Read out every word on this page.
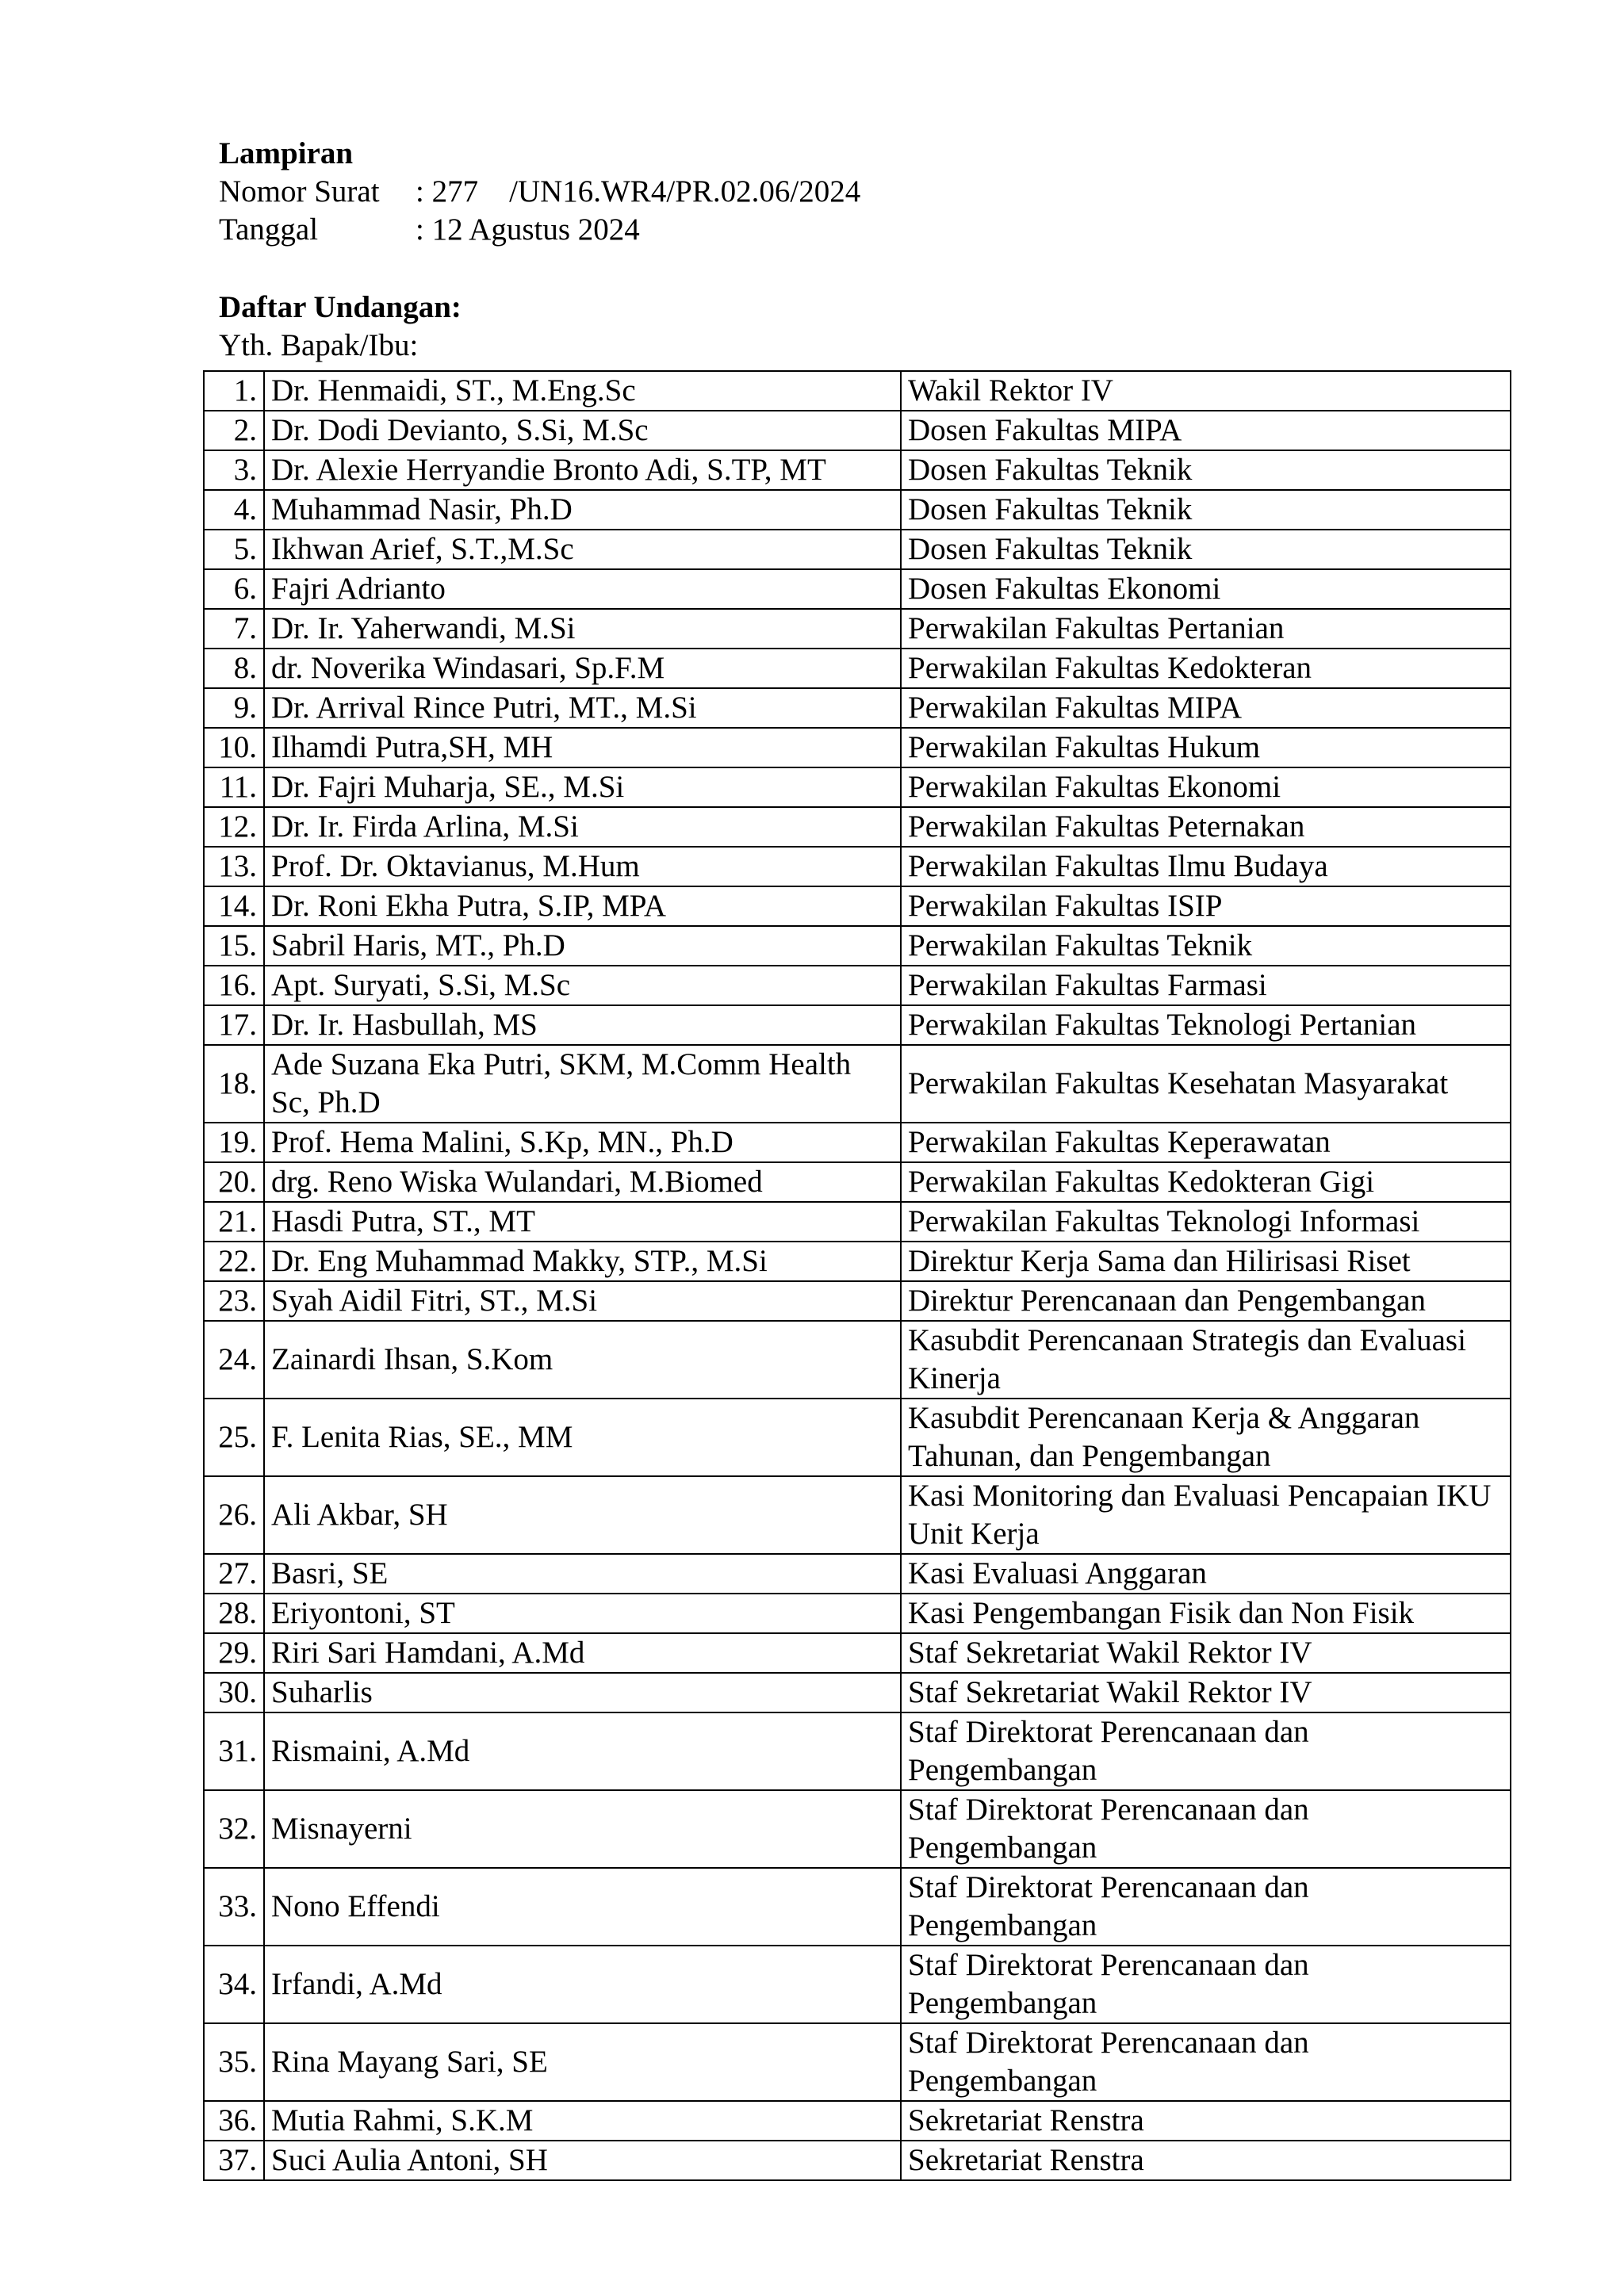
Lampiran
Nomor Surat	: 277    /UN16.WR4/PR.02.06/2024
Tanggal	: 12 Agustus 2024
Daftar Undangan:
Yth. Bapak/Ibu:
1.	Dr. Henmaidi, ST., M.Eng.Sc	Wakil Rektor IV
2.	Dr. Dodi Devianto, S.Si, M.Sc	Dosen Fakultas MIPA
3.	Dr. Alexie Herryandie Bronto Adi, S.TP, MT	Dosen Fakultas Teknik
4.	Muhammad Nasir, Ph.D	Dosen Fakultas Teknik
5.	Ikhwan Arief, S.T.,M.Sc	Dosen Fakultas Teknik
6.	Fajri Adrianto	Dosen Fakultas Ekonomi
7.	Dr. Ir. Yaherwandi, M.Si	Perwakilan Fakultas Pertanian
8.	dr. Noverika Windasari, Sp.F.M	Perwakilan Fakultas Kedokteran
9.	Dr. Arrival Rince Putri, MT., M.Si	Perwakilan Fakultas MIPA
10.	Ilhamdi Putra,SH, MH	Perwakilan Fakultas Hukum
11.	Dr. Fajri Muharja, SE., M.Si	Perwakilan Fakultas Ekonomi
12.	Dr. Ir. Firda Arlina, M.Si	Perwakilan Fakultas Peternakan
13.	Prof. Dr. Oktavianus, M.Hum	Perwakilan Fakultas Ilmu Budaya
14.	Dr. Roni Ekha Putra, S.IP, MPA	Perwakilan Fakultas ISIP
15.	Sabril Haris, MT., Ph.D	Perwakilan Fakultas Teknik
16.	Apt. Suryati, S.Si, M.Sc	Perwakilan Fakultas Farmasi
17.	Dr. Ir. Hasbullah, MS	Perwakilan Fakultas Teknologi Pertanian
18.	Ade Suzana Eka Putri, SKM, M.Comm Health Sc, Ph.D	Perwakilan Fakultas Kesehatan Masyarakat
19.	Prof. Hema Malini, S.Kp, MN., Ph.D	Perwakilan Fakultas Keperawatan
20.	drg. Reno Wiska Wulandari, M.Biomed	Perwakilan Fakultas Kedokteran Gigi
21.	Hasdi Putra, ST., MT	Perwakilan Fakultas Teknologi Informasi
22.	Dr. Eng Muhammad Makky, STP., M.Si	Direktur Kerja Sama dan Hilirisasi Riset
23.	Syah Aidil Fitri, ST., M.Si	Direktur Perencanaan dan Pengembangan
24.	Zainardi Ihsan, S.Kom	Kasubdit Perencanaan Strategis dan Evaluasi Kinerja
25.	F. Lenita Rias, SE., MM	Kasubdit Perencanaan Kerja & Anggaran Tahunan, dan Pengembangan
26.	Ali Akbar, SH	Kasi Monitoring dan Evaluasi Pencapaian IKU Unit Kerja
27.	Basri, SE	Kasi Evaluasi Anggaran
28.	Eriyontoni, ST	Kasi Pengembangan Fisik dan Non Fisik
29.	Riri Sari Hamdani, A.Md	Staf Sekretariat Wakil Rektor IV
30.	Suharlis	Staf Sekretariat Wakil Rektor IV
31.	Rismaini, A.Md	Staf Direktorat Perencanaan dan Pengembangan
32.	Misnayerni	Staf Direktorat Perencanaan dan Pengembangan
33.	Nono Effendi	Staf Direktorat Perencanaan dan Pengembangan
34.	Irfandi, A.Md	Staf Direktorat Perencanaan dan Pengembangan
35.	Rina Mayang Sari, SE	Staf Direktorat Perencanaan dan Pengembangan
36.	Mutia Rahmi, S.K.M	Sekretariat Renstra
37.	Suci Aulia Antoni, SH	Sekretariat Renstra
